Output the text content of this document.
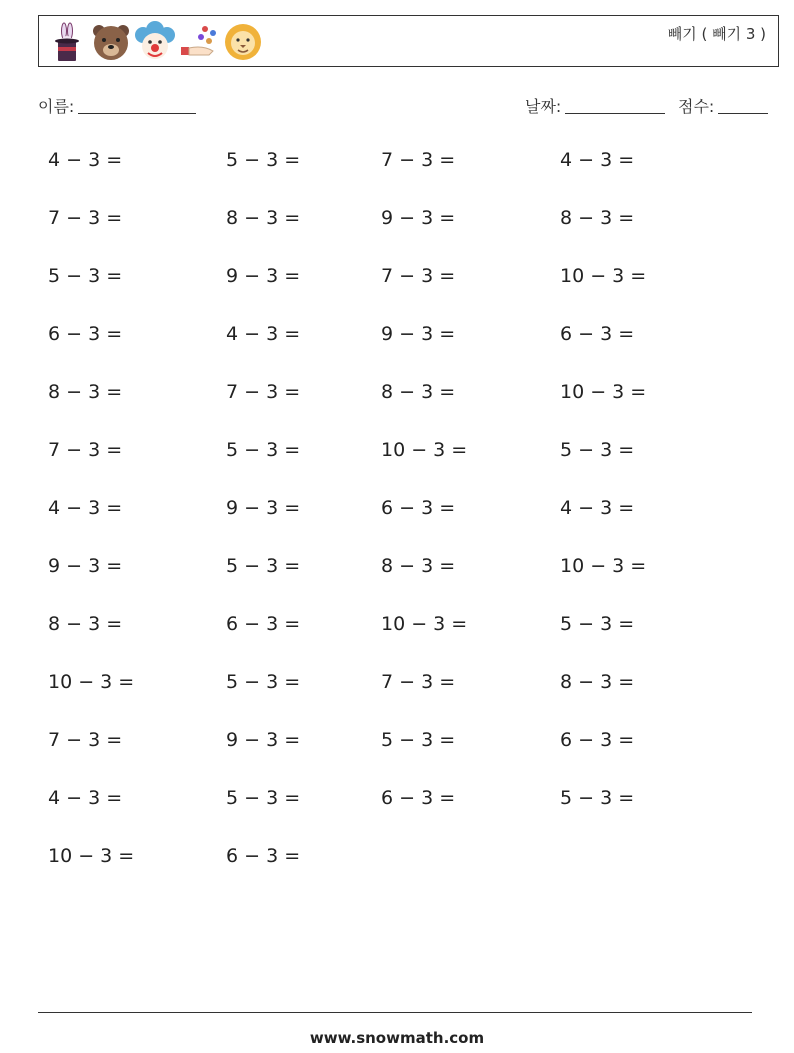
빼기 ( 빼기 3 )
이름:	날짜:	점수:
4 − 3 =	5 − 3 =	7 − 3 =	4 − 3 =
7 − 3 =	8 − 3 =	9 − 3 =	8 − 3 =
5 − 3 =	9 − 3 =	7 − 3 =	10 − 3 =
6 − 3 =	4 − 3 =	9 − 3 =	6 − 3 =
8 − 3 =	7 − 3 =	8 − 3 =	10 − 3 =
7 − 3 =	5 − 3 =	10 − 3 =	5 − 3 =
4 − 3 =	9 − 3 =	6 − 3 =	4 − 3 =
9 − 3 =	5 − 3 =	8 − 3 =	10 − 3 =
8 − 3 =	6 − 3 =	10 − 3 =	5 − 3 =
10 − 3 =	5 − 3 =	7 − 3 =	8 − 3 =
7 − 3 =	9 − 3 =	5 − 3 =	6 − 3 =
4 − 3 =	5 − 3 =	6 − 3 =	5 − 3 =
10 − 3 =	6 − 3 =
www.snowmath.com
